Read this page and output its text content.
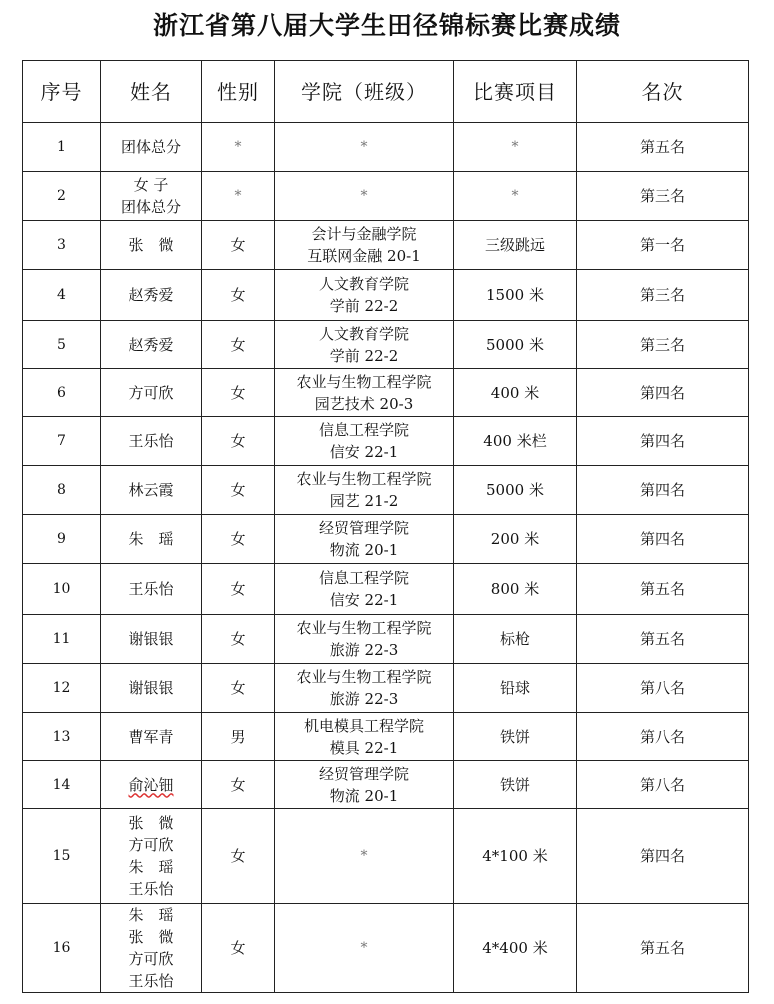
浙江省第八届大学生田径锦标赛比赛成绩
序号	姓名	性别	学院（班级）	比赛项目	名次
1	团体总分	*	*	*	第五名
2	女 子
团体总分	*	*	*	第三名
3	张　微	女	会计与金融学院
互联网金融 20-1	三级跳远	第一名
4	赵秀爱	女	人文教育学院
学前 22-2	1500 米	第三名
5	赵秀爱	女	人文教育学院
学前 22-2	5000 米	第三名
6	方可欣	女	农业与生物工程学院
园艺技术 20-3	400 米	第四名
7	王乐怡	女	信息工程学院
信安 22-1	400 米栏	第四名
8	林云霞	女	农业与生物工程学院
园艺 21-2	5000 米	第四名
9	朱　瑶	女	经贸管理学院
物流 20-1	200 米	第四名
10	王乐怡	女	信息工程学院
信安 22-1	800 米	第五名
11	谢银银	女	农业与生物工程学院
旅游 22-3	标枪	第五名
12	谢银银	女	农业与生物工程学院
旅游 22-3	铅球	第八名
13	曹军青	男	机电模具工程学院
模具 22-1	铁饼	第八名
14	俞沁钿	女	经贸管理学院
物流 20-1	铁饼	第八名
15	张　微
方可欣
朱　瑶
王乐怡	女	*	4*100 米	第四名
16	朱　瑶
张　微
方可欣
王乐怡	女	*	4*400 米	第五名
